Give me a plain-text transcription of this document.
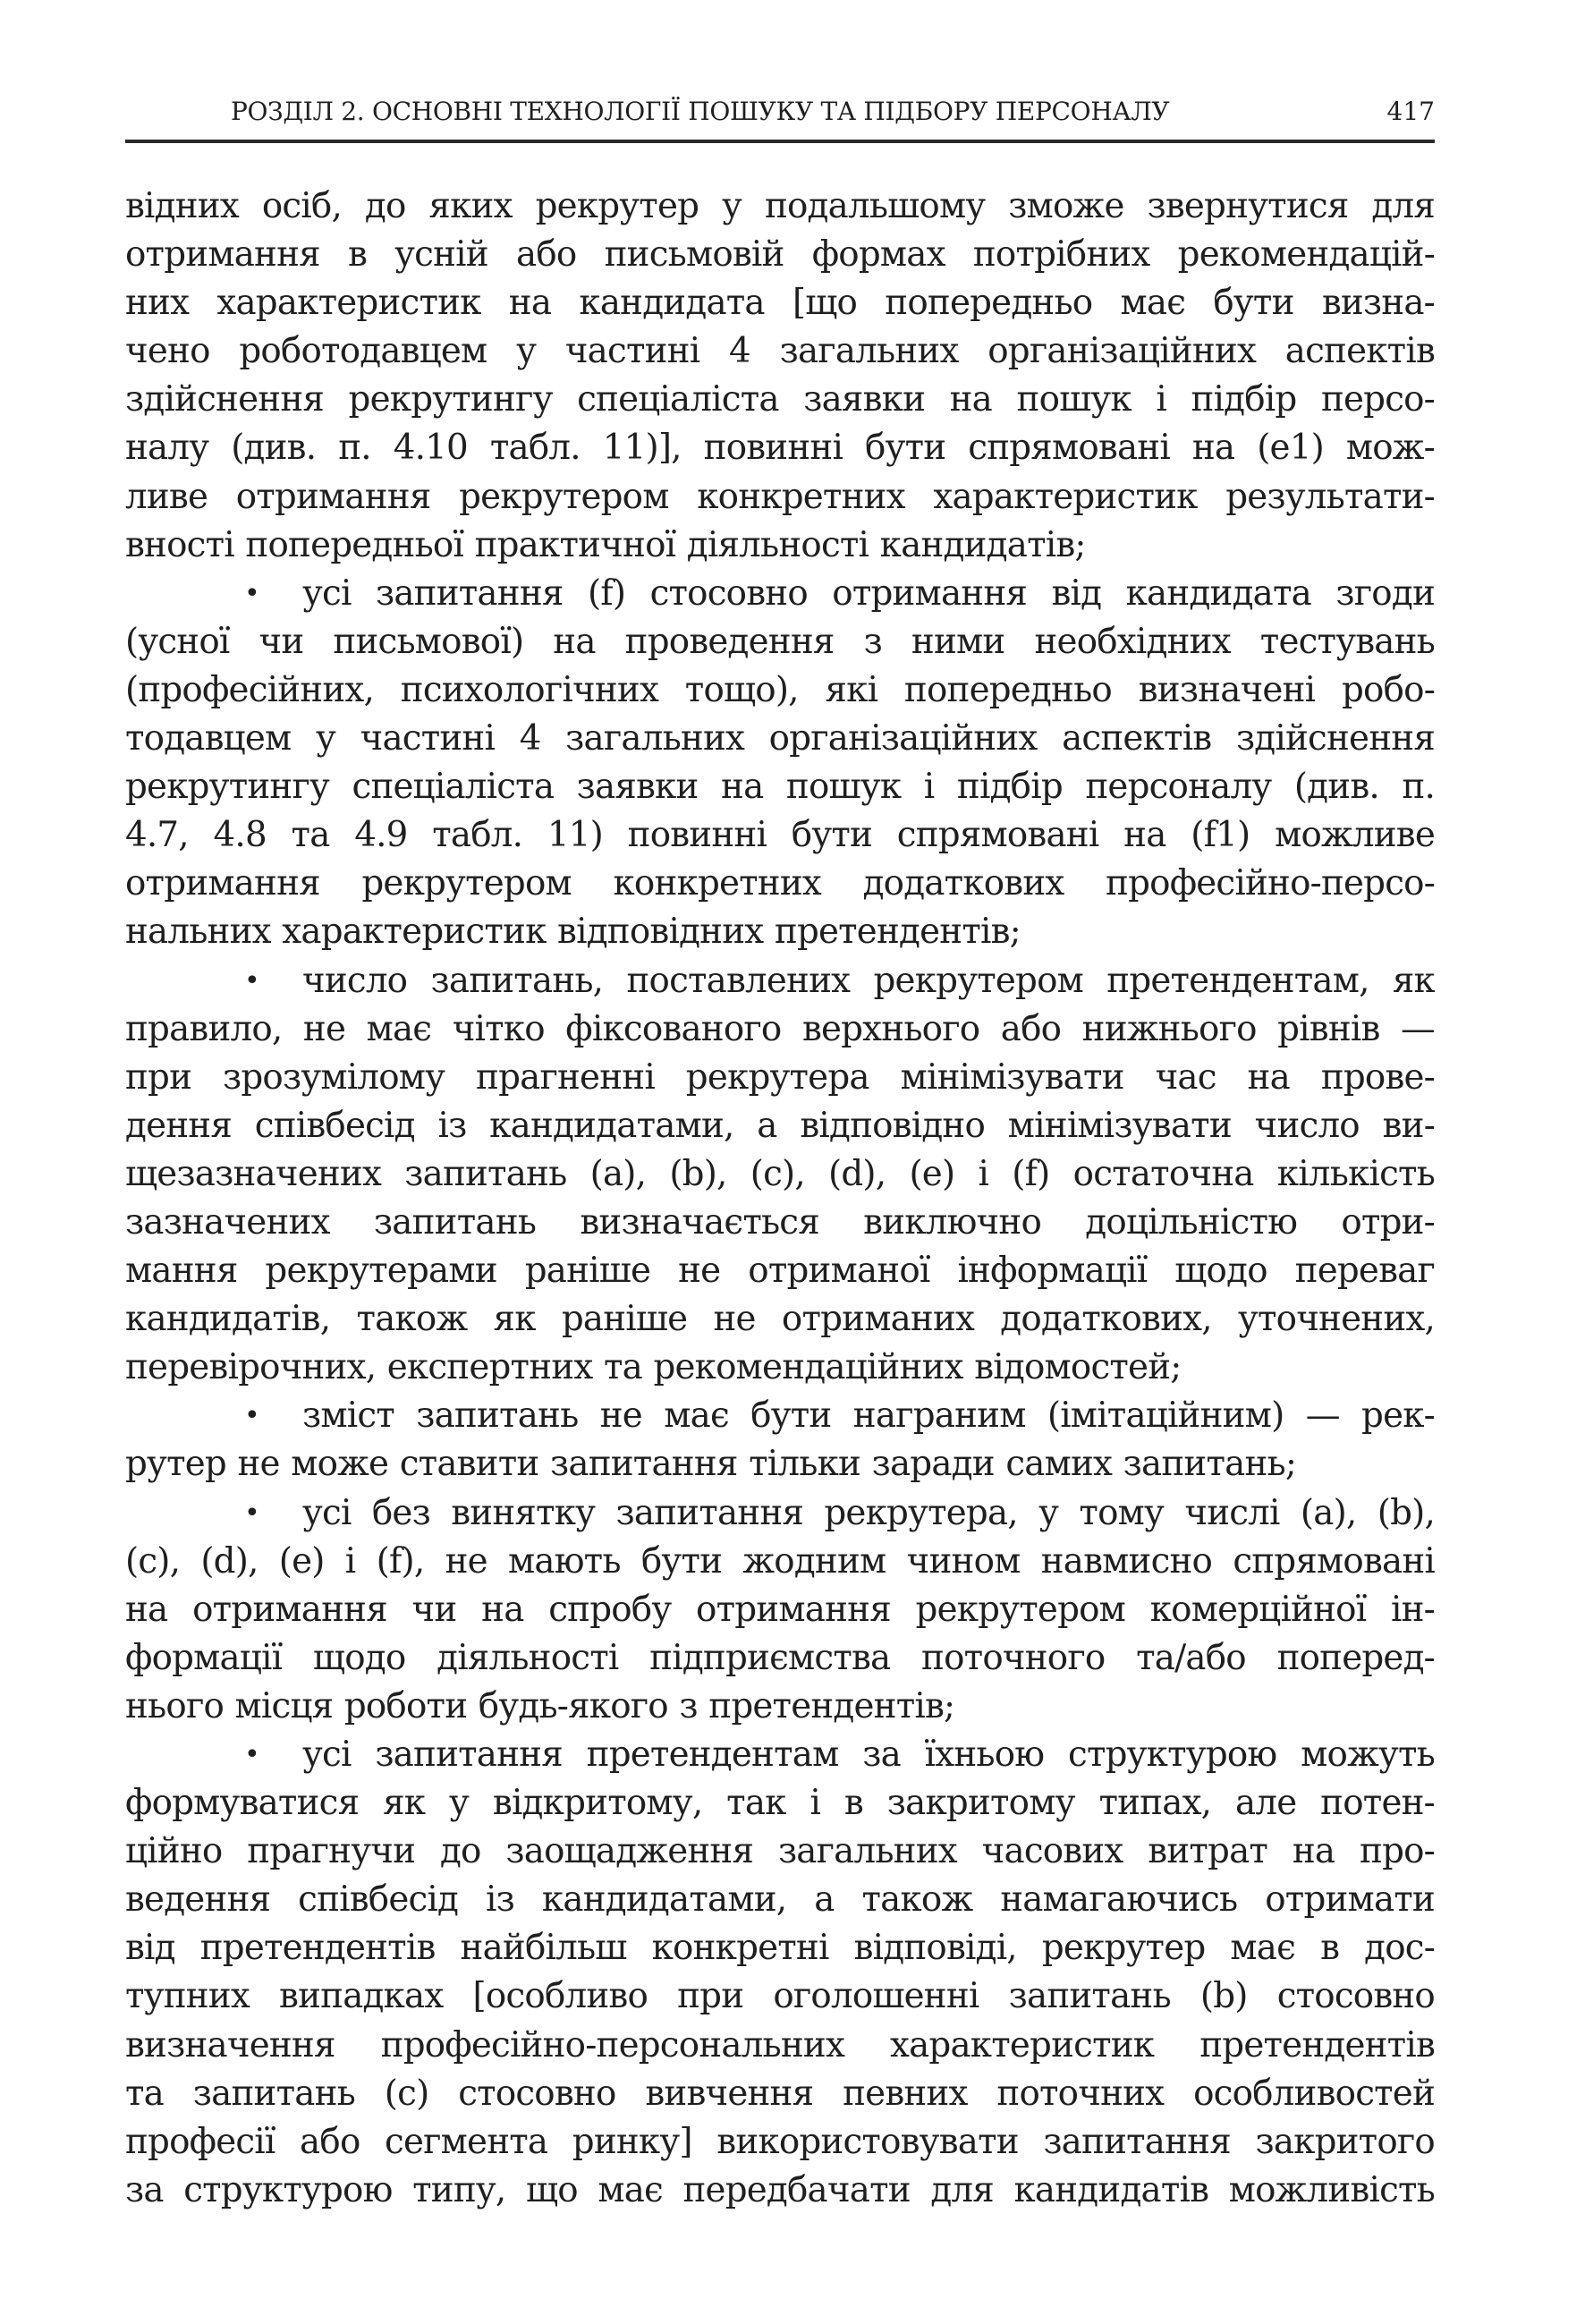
РОЗДІЛ 2. ОСНОВНІ ТЕХНОЛОГІЇ ПОШУКУ ТА ПІДБОРУ ПЕРСОНАЛУ	417
відних осіб, до яких рекрутер у подальшому зможе звернутися для
отримання в усній або письмовій формах потрібних рекомендацій-
них характеристик на кандидата [що попередньо має бути визна-
чено роботодавцем у частині 4 загальних організаційних аспектів
здійснення рекрутингу спеціаліста заявки на пошук і підбір персо-
налу (див. п. 4.10 табл. 11)], повинні бути спрямовані на (e1) мож-
ливе отримання рекрутером конкретних характеристик результати-
вності попередньої практичної діяльності кандидатів;
• усі запитання (f) стосовно отримання від кандидата згоди
(усної чи письмової) на проведення з ними необхідних тестувань
(професійних, психологічних тощо), які попередньо визначені робо-
тодавцем у частині 4 загальних організаційних аспектів здійснення
рекрутингу спеціаліста заявки на пошук і підбір персоналу (див. п.
4.7, 4.8 та 4.9 табл. 11) повинні бути спрямовані на (f1) можливе
отримання рекрутером конкретних додаткових професійно-персо-
нальних характеристик відповідних претендентів;
• число запитань, поставлених рекрутером претендентам, як
правило, не має чітко фіксованого верхнього або нижнього рівнів —
при зрозумілому прагненні рекрутера мінімізувати час на прове-
дення співбесід із кандидатами, а відповідно мінімізувати число ви-
щезазначених запитань (a), (b), (c), (d), (e) і (f) остаточна кількість
зазначених запитань визначається виключно доцільністю отри-
мання рекрутерами раніше не отриманої інформації щодо переваг
кандидатів, також як раніше не отриманих додаткових, уточнених,
перевірочних, експертних та рекомендаційних відомостей;
• зміст запитань не має бути награним (імітаційним) — рек-
рутер не може ставити запитання тільки заради самих запитань;
• усі без винятку запитання рекрутера, у тому числі (a), (b),
(c), (d), (e) і (f), не мають бути жодним чином навмисно спрямовані
на отримання чи на спробу отримання рекрутером комерційної ін-
формації щодо діяльності підприємства поточного та/або поперед-
нього місця роботи будь-якого з претендентів;
• усі запитання претендентам за їхньою структурою можуть
формуватися як у відкритому, так і в закритому типах, але потен-
ційно прагнучи до заощадження загальних часових витрат на про-
ведення співбесід із кандидатами, а також намагаючись отримати
від претендентів найбільш конкретні відповіді, рекрутер має в дос-
тупних випадках [особливо при оголошенні запитань (b) стосовно
визначення професійно-персональних характеристик претендентів
та запитань (c) стосовно вивчення певних поточних особливостей
професії або сегмента ринку] використовувати запитання закритого
за структурою типу, що має передбачати для кандидатів можливість
